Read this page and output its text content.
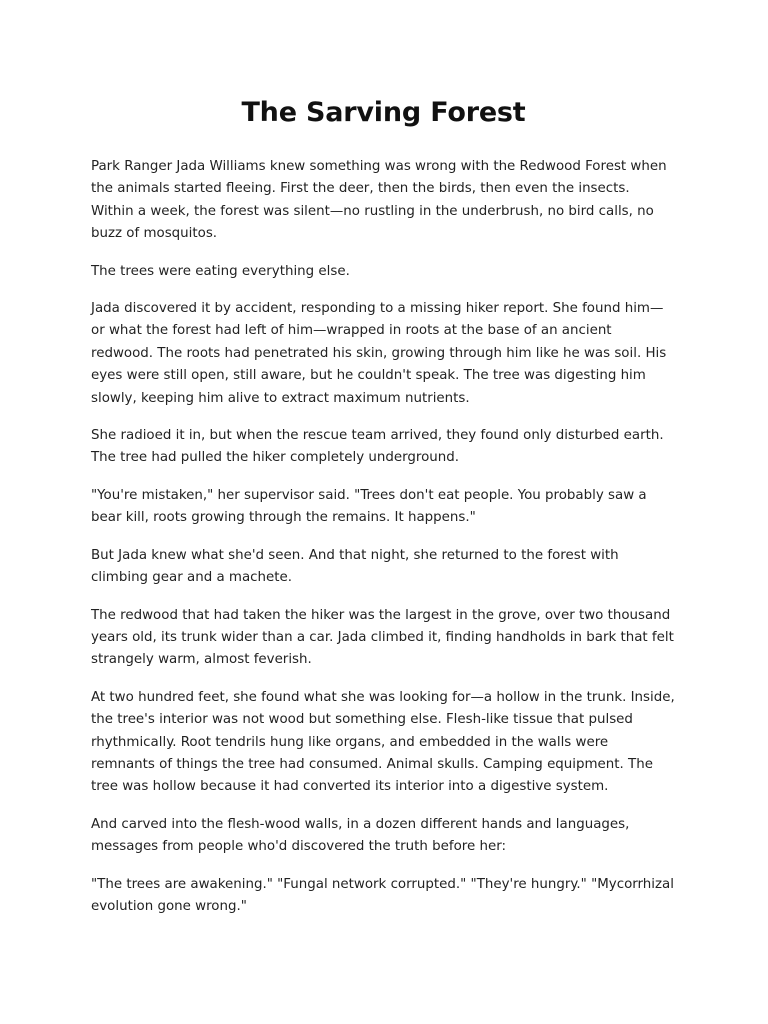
The Sarving Forest

Park Ranger Jada Williams knew something was wrong with the Redwood Forest when the animals started fleeing. First the deer, then the birds, then even the insects. Within a week, the forest was silent—no rustling in the underbrush, no bird calls, no buzz of mosquitos.

The trees were eating everything else.

Jada discovered it by accident, responding to a missing hiker report. She found him—or what the forest had left of him—wrapped in roots at the base of an ancient redwood. The roots had penetrated his skin, growing through him like he was soil. His eyes were still open, still aware, but he couldn't speak. The tree was digesting him slowly, keeping him alive to extract maximum nutrients.

She radioed it in, but when the rescue team arrived, they found only disturbed earth. The tree had pulled the hiker completely underground.

"You're mistaken," her supervisor said. "Trees don't eat people. You probably saw a bear kill, roots growing through the remains. It happens."

But Jada knew what she'd seen. And that night, she returned to the forest with climbing gear and a machete.

The redwood that had taken the hiker was the largest in the grove, over two thousand years old, its trunk wider than a car. Jada climbed it, finding handholds in bark that felt strangely warm, almost feverish.

At two hundred feet, she found what she was looking for—a hollow in the trunk. Inside, the tree's interior was not wood but something else. Flesh-like tissue that pulsed rhythmically. Root tendrils hung like organs, and embedded in the walls were remnants of things the tree had consumed. Animal skulls. Camping equipment. The tree was hollow because it had converted its interior into a digestive system.

And carved into the flesh-wood walls, in a dozen different hands and languages, messages from people who'd discovered the truth before her:

"The trees are awakening." "Fungal network corrupted." "They're hungry." "Mycorrhizal evolution gone wrong."
